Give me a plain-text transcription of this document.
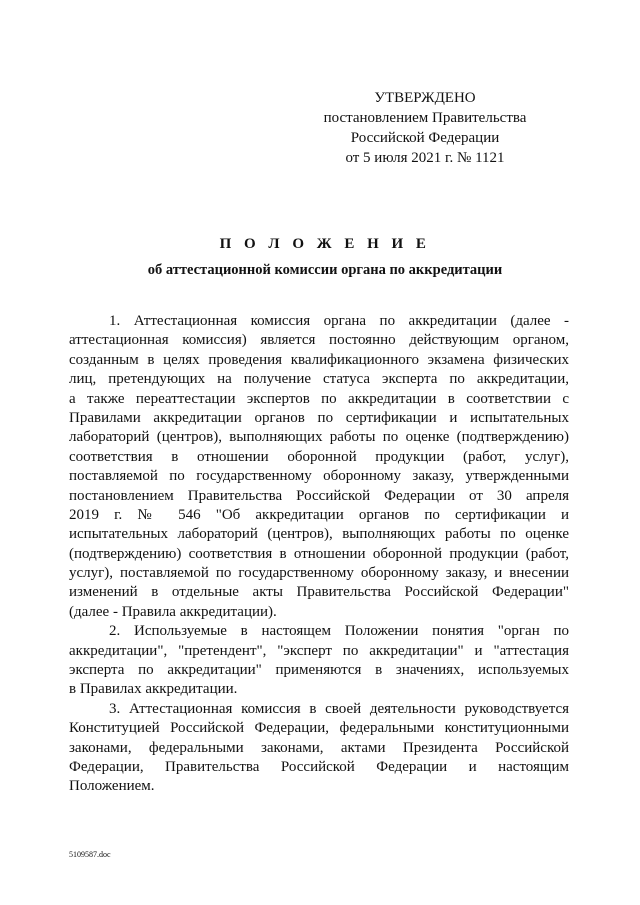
УТВЕРЖДЕНО
постановлением Правительства
Российской Федерации
от 5 июля 2021 г. № 1121
П О Л О Ж Е Н И Е
об аттестационной комиссии органа по аккредитации
1. Аттестационная комиссия органа по аккредитации (далее -
аттестационная комиссия) является постоянно действующим органом,
созданным в целях проведения квалификационного экзамена физических
лиц, претендующих на получение статуса эксперта по аккредитации,
а также переаттестации экспертов по аккредитации в соответствии с
Правилами аккредитации органов по сертификации и испытательных
лабораторий (центров), выполняющих работы по оценке (подтверждению)
соответствия в отношении оборонной продукции (работ, услуг),
поставляемой по государственному оборонному заказу, утвержденными
постановлением Правительства Российской Федерации от 30 апреля
2019 г. № 546 "Об аккредитации органов по сертификации и
испытательных лабораторий (центров), выполняющих работы по оценке
(подтверждению) соответствия в отношении оборонной продукции (работ,
услуг), поставляемой по государственному оборонному заказу, и внесении
изменений в отдельные акты Правительства Российской Федерации"
(далее - Правила аккредитации).
2. Используемые в настоящем Положении понятия "орган по
аккредитации", "претендент", "эксперт по аккредитации" и "аттестация
эксперта по аккредитации" применяются в значениях, используемых
в Правилах аккредитации.
3. Аттестационная комиссия в своей деятельности руководствуется
Конституцией Российской Федерации, федеральными конституционными
законами, федеральными законами, актами Президента Российской
Федерации, Правительства Российской Федерации и настоящим
Положением.
5109587.doc
